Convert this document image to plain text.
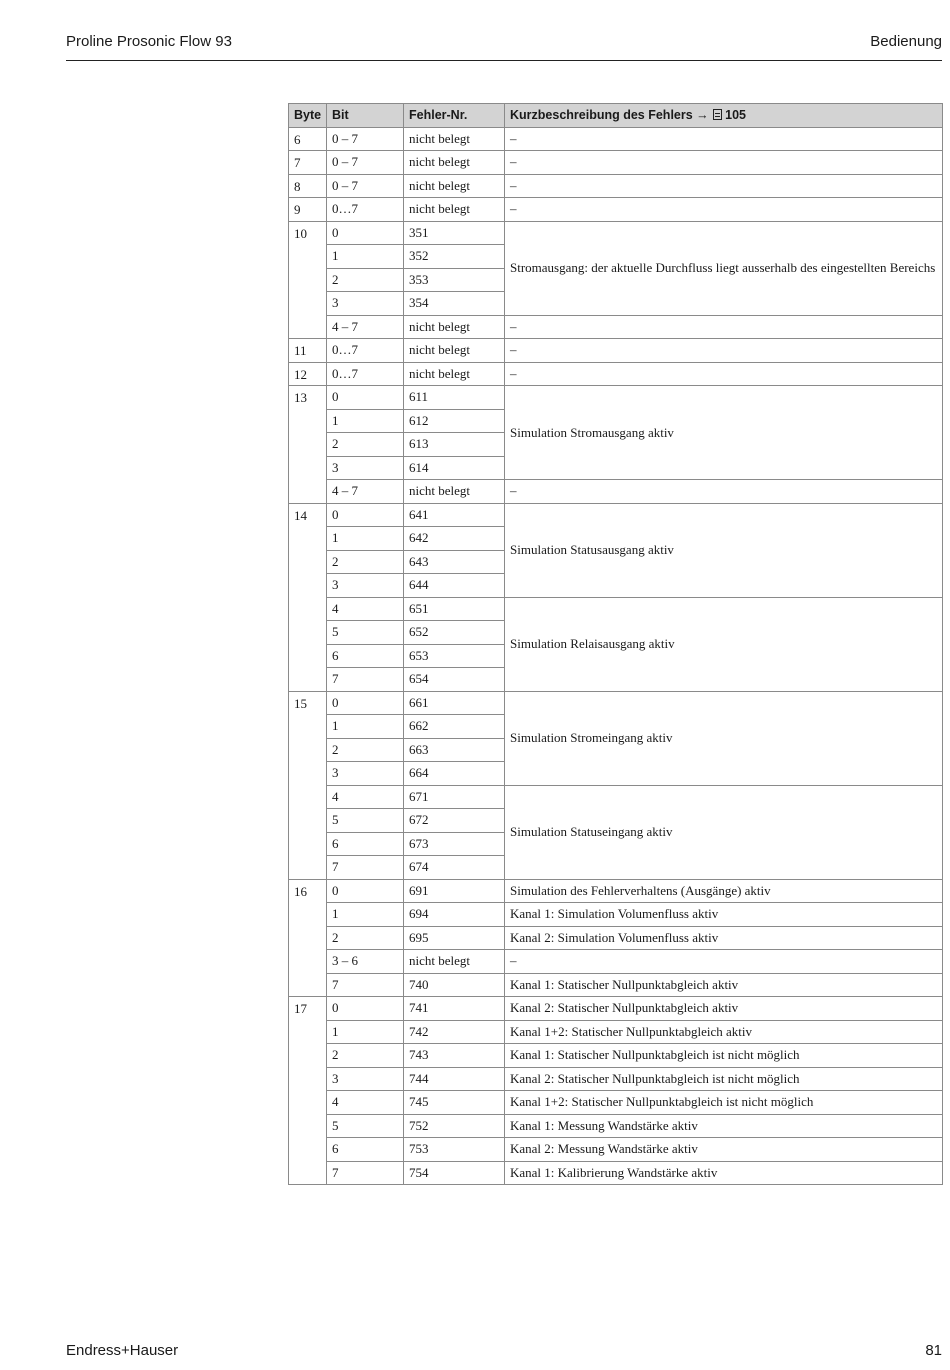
Proline Prosonic Flow 93	Bedienung
Byte	Bit	Fehler-Nr.	Kurzbeschreibung des Fehlers → 105
6	0 – 7	nicht belegt	–
7	0 – 7	nicht belegt	–
8	0 – 7	nicht belegt	–
9	0…7	nicht belegt	–
10	0	351	Stromausgang: der aktuelle Durchfluss liegt ausserhalb des eingestellten Bereichs
	1	352	
	2	353	
	3	354	
	4 – 7	nicht belegt	–
11	0…7	nicht belegt	–
12	0…7	nicht belegt	–
13	0	611	Simulation Stromausgang aktiv
	1	612	
	2	613	
	3	614	
	4 – 7	nicht belegt	–
14	0	641	Simulation Statusausgang aktiv
	1	642	
	2	643	
	3	644	
	4	651	Simulation Relaisausgang aktiv
	5	652	
	6	653	
	7	654	
15	0	661	Simulation Stromeingang aktiv
	1	662	
	2	663	
	3	664	
	4	671	Simulation Statuseingang aktiv
	5	672	
	6	673	
	7	674	
16	0	691	Simulation des Fehlerverhaltens (Ausgänge) aktiv
	1	694	Kanal 1: Simulation Volumenfluss aktiv
	2	695	Kanal 2: Simulation Volumenfluss aktiv
	3 – 6	nicht belegt	–
	7	740	Kanal 1: Statischer Nullpunktabgleich aktiv
17	0	741	Kanal 2: Statischer Nullpunktabgleich aktiv
	1	742	Kanal 1+2: Statischer Nullpunktabgleich aktiv
	2	743	Kanal 1: Statischer Nullpunktabgleich ist nicht möglich
	3	744	Kanal 2: Statischer Nullpunktabgleich ist nicht möglich
	4	745	Kanal 1+2: Statischer Nullpunktabgleich ist nicht möglich
	5	752	Kanal 1: Messung Wandstärke aktiv
	6	753	Kanal 2: Messung Wandstärke aktiv
	7	754	Kanal 1: Kalibrierung Wandstärke aktiv
Endress+Hauser	81
